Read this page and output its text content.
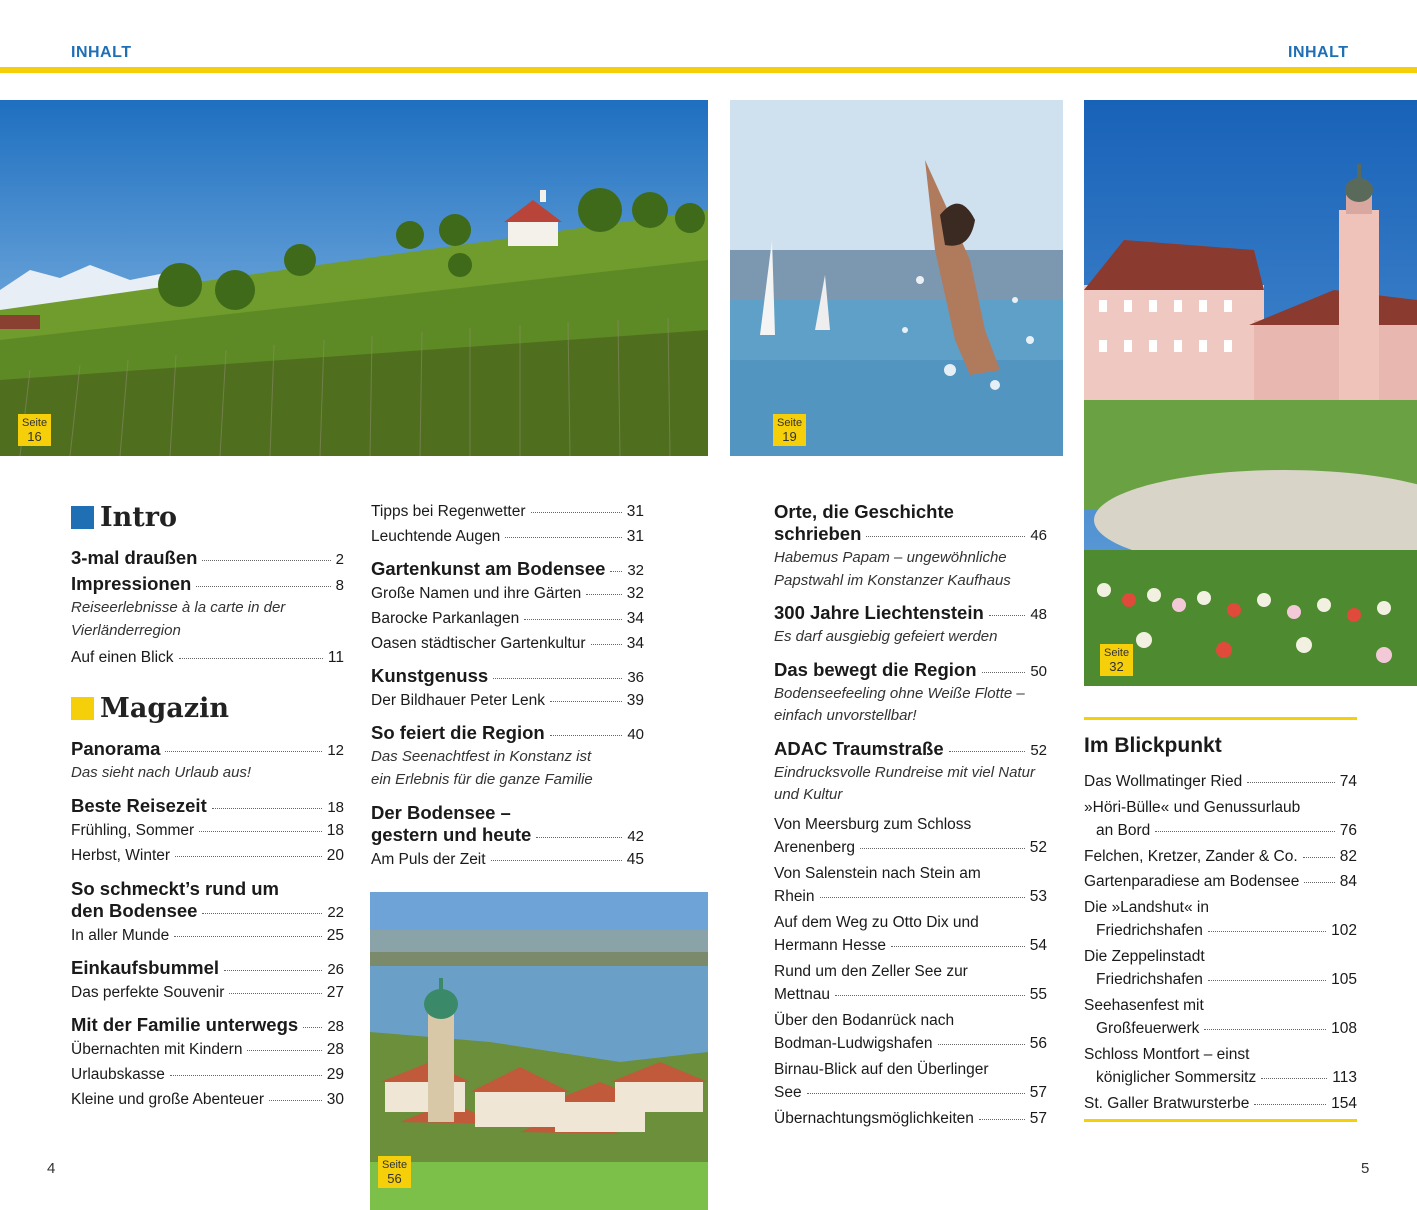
INHALT	INHALT
Seite
16
Seite
19
Seite
32
Seite
56
Intro
3-mal draußen	2
Impressionen	8
Reiseerlebnisse à la carte in der Vierländerregion
Auf einen Blick	11
Magazin
Panorama	12
Das sieht nach Urlaub aus!
Beste Reisezeit	18
Frühling, Sommer	18
Herbst, Winter	20
So schmeckt’s rund um
den Bodensee	22
In aller Munde	25
Einkaufsbummel	26
Das perfekte Souvenir	27
Mit der Familie unterwegs 28
Übernachten mit Kindern	28
Urlaubskasse	29
Kleine und große Abenteuer	30
Tipps bei Regenwetter	31
Leuchtende Augen	31
Gartenkunst am Bodensee 32
Große Namen und ihre Gärten	32
Barocke Parkanlagen	34
Oasen städtischer Gartenkultur	34
Kunstgenuss	36
Der Bildhauer Peter Lenk	39
So feiert die Region	40
Das Seenachtfest in Konstanz ist
ein Erlebnis für die ganze Familie
Der Bodensee –
gestern und heute	42
Am Puls der Zeit	45
Orte, die Geschichte
schrieben	46
Habemus Papam – ungewöhnliche Papstwahl im Konstanzer Kaufhaus
300 Jahre Liechtenstein	48
Es darf ausgiebig gefeiert werden
Das bewegt die Region	50
Bodenseefeeling ohne Weiße Flotte – einfach unvorstellbar!
ADAC Traumstraße	52
Eindrucksvolle Rundreise mit viel Natur und Kultur
Von Meersburg zum Schloss
Arenenberg	52
Von Salenstein nach Stein am
Rhein	53
Auf dem Weg zu Otto Dix und
Hermann Hesse	54
Rund um den Zeller See zur
Mettnau	55
Über den Bodanrück nach
Bodman-Ludwigshafen	56
Birnau-Blick auf den Überlinger
See	57
Übernachtungsmöglichkeiten	57
Im Blickpunkt
Das Wollmatinger Ried	74
»Höri-Bülle« und Genussurlaub
an Bord	76
Felchen, Kretzer, Zander & Co.	82
Gartenparadiese am Bodensee	84
Die »Landshut« in
Friedrichshafen	102
Die Zeppelinstadt
Friedrichshafen	105
Seehasenfest mit
Großfeuerwerk	108
Schloss Montfort – einst
königlicher Sommersitz	113
St. Galler Bratwursterbe	154
4	5
